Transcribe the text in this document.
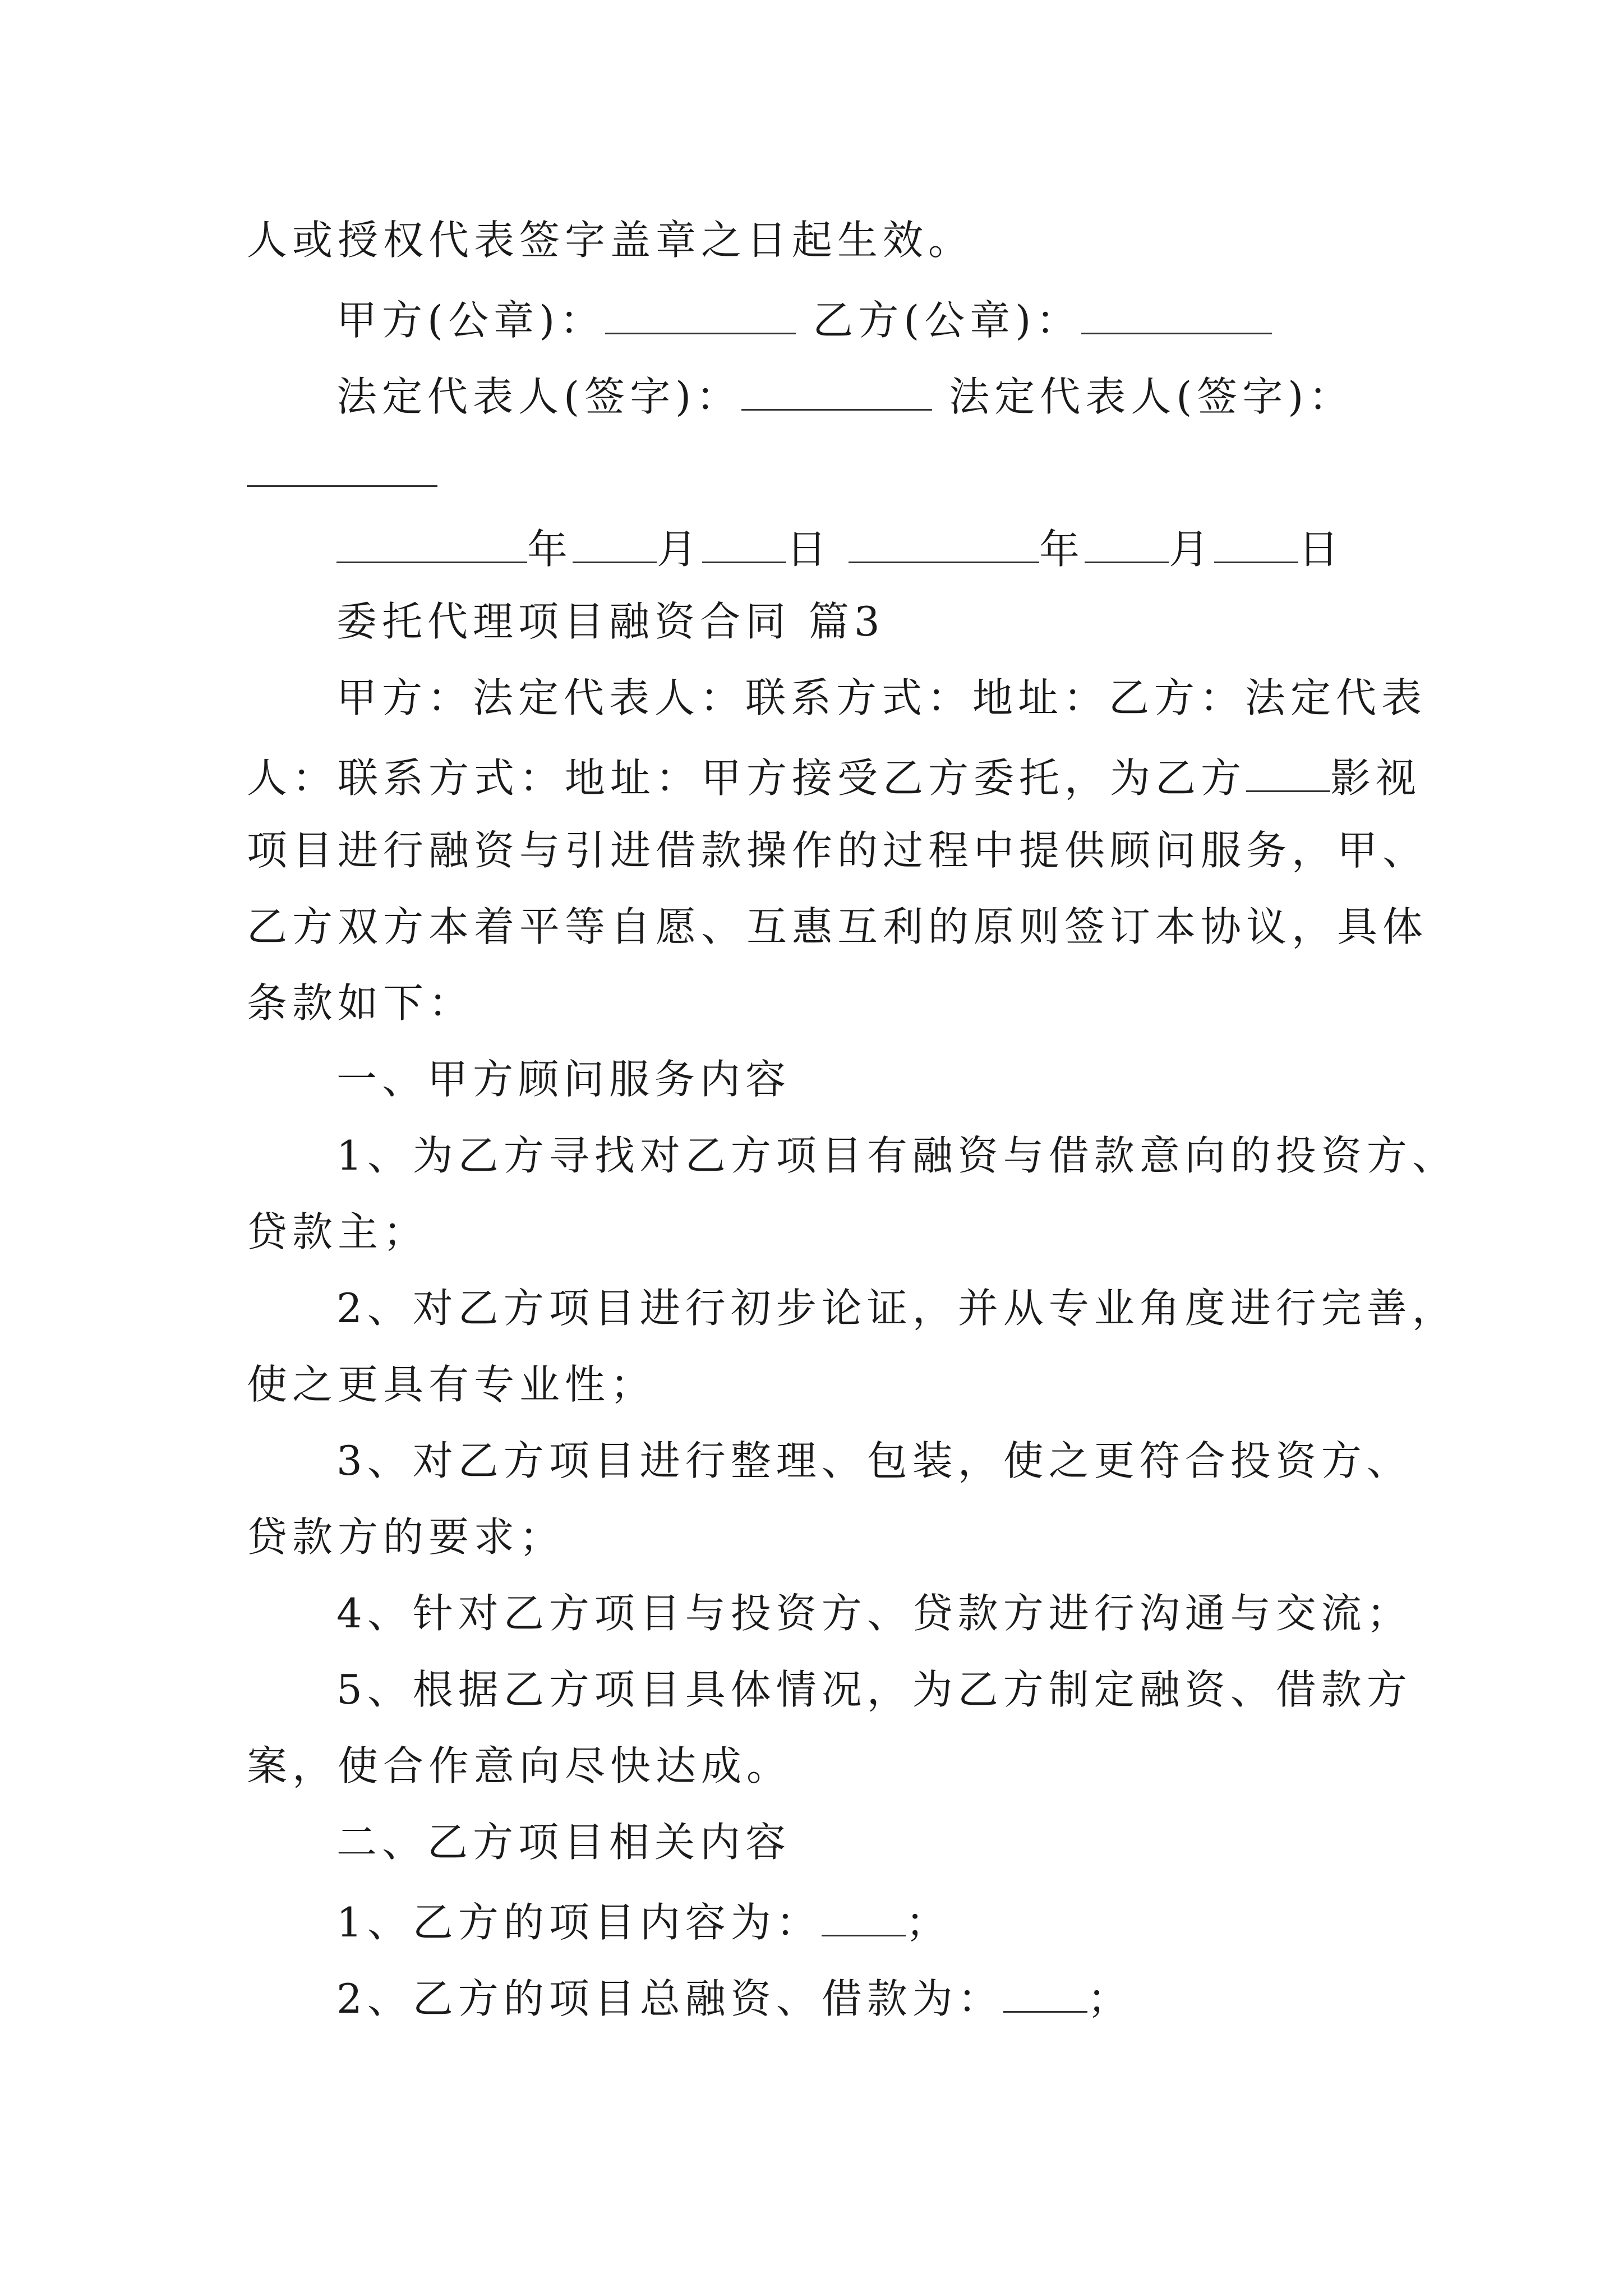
人或授权代表签字盖章之日起生效。
甲方(公章)：	乙方(公章)：
法定代表人(签字)：	法定代表人(签字)：
年 月 日	年 月 日
委托代理项目融资合同 篇3
甲方：法定代表人：联系方式：地址：乙方：法定代表
人：联系方式：地址：甲方接受乙方委托，为乙方 影视
项目进行融资与引进借款操作的过程中提供顾问服务，甲、
乙方双方本着平等自愿、互惠互利的原则签订本协议，具体
条款如下：
一、甲方顾问服务内容
1、为乙方寻找对乙方项目有融资与借款意向的投资方、
贷款主；
2、对乙方项目进行初步论证，并从专业角度进行完善，
使之更具有专业性；
3、对乙方项目进行整理、包装，使之更符合投资方、
贷款方的要求；
4、针对乙方项目与投资方、贷款方进行沟通与交流；
5、根据乙方项目具体情况，为乙方制定融资、借款方
案，使合作意向尽快达成。
二、乙方项目相关内容
1、乙方的项目内容为： ；
2、乙方的项目总融资、借款为： ；
